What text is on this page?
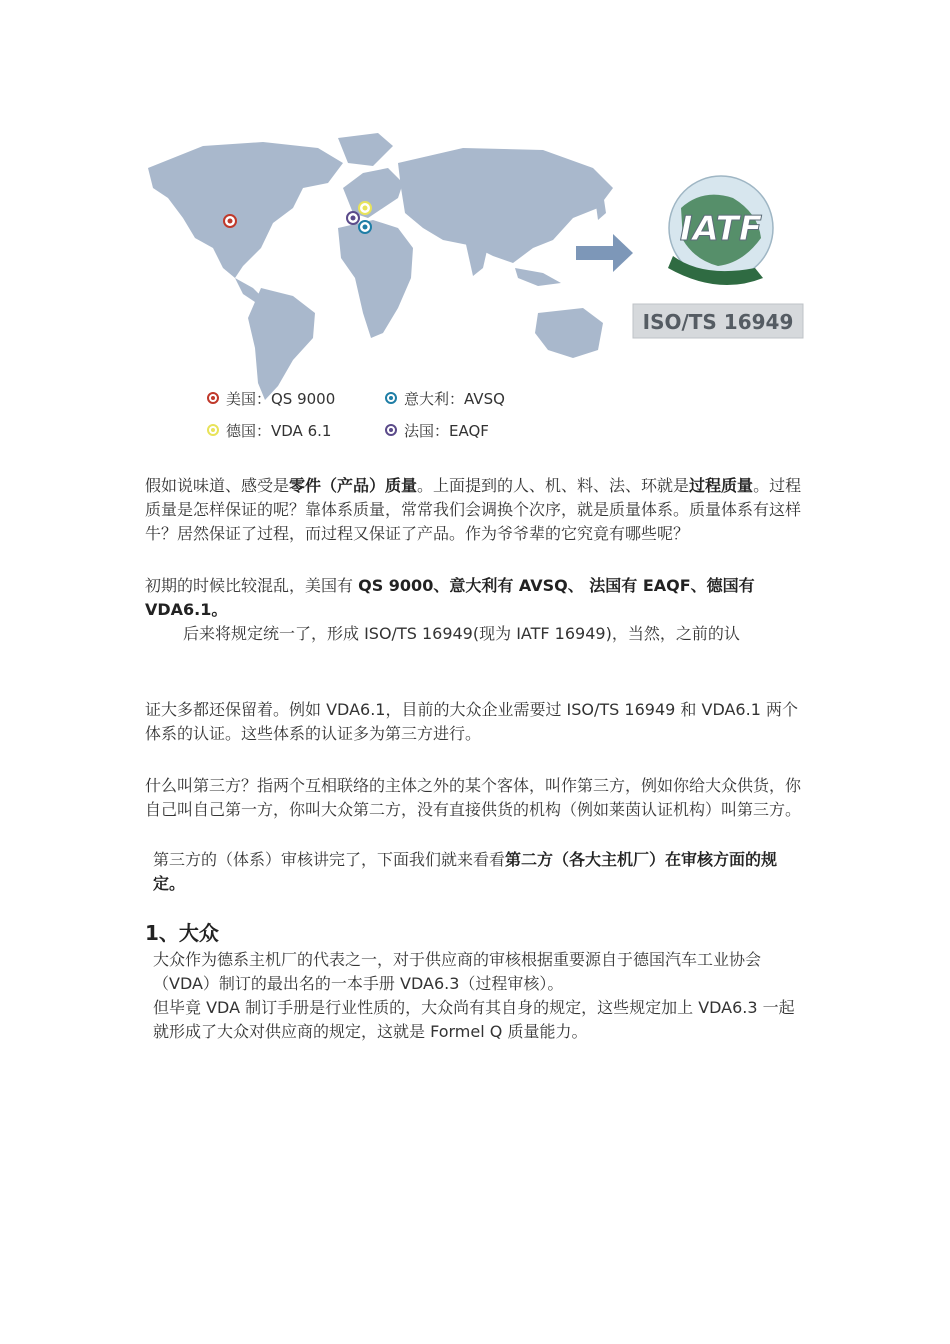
IATF
ISO/TS 16949
美国：QS 9000	意大利：AVSQ
德国：VDA 6.1	法国：EAQF

假如说味道、感受是零件（产品）质量。上面提到的人、机、料、法、环就是过程质量。过程质量是怎样保证的呢？靠体系质量，常常我们会调换个次序，就是质量体系。质量体系有这样牛？居然保证了过程，而过程又保证了产品。作为爷爷辈的它究竟有哪些呢？

初期的时候比较混乱，美国有 QS 9000、意大利有 AVSQ、 法国有 EAQF、德国有 VDA6.1。

后来将规定统一了，形成 ISO/TS 16949(现为 IATF 16949)，当然，之前的认

证大多都还保留着。例如 VDA6.1，目前的大众企业需要过 ISO/TS 16949 和 VDA6.1 两个体系的认证。这些体系的认证多为第三方进行。

什么叫第三方？指两个互相联络的主体之外的某个客体，叫作第三方，例如你给大众供货，你自己叫自己第一方，你叫大众第二方，没有直接供货的机构（例如莱茵认证机构）叫第三方。

第三方的（体系）审核讲完了，下面我们就来看看第二方（各大主机厂）在审核方面的规定。

1、大众

大众作为德系主机厂的代表之一，对于供应商的审核根据重要源自于德国汽车工业协会（VDA）制订的最出名的一本手册 VDA6.3（过程审核）。

但毕竟 VDA 制订手册是行业性质的，大众尚有其自身的规定，这些规定加上 VDA6.3 一起就形成了大众对供应商的规定，这就是 Formel Q 质量能力。
